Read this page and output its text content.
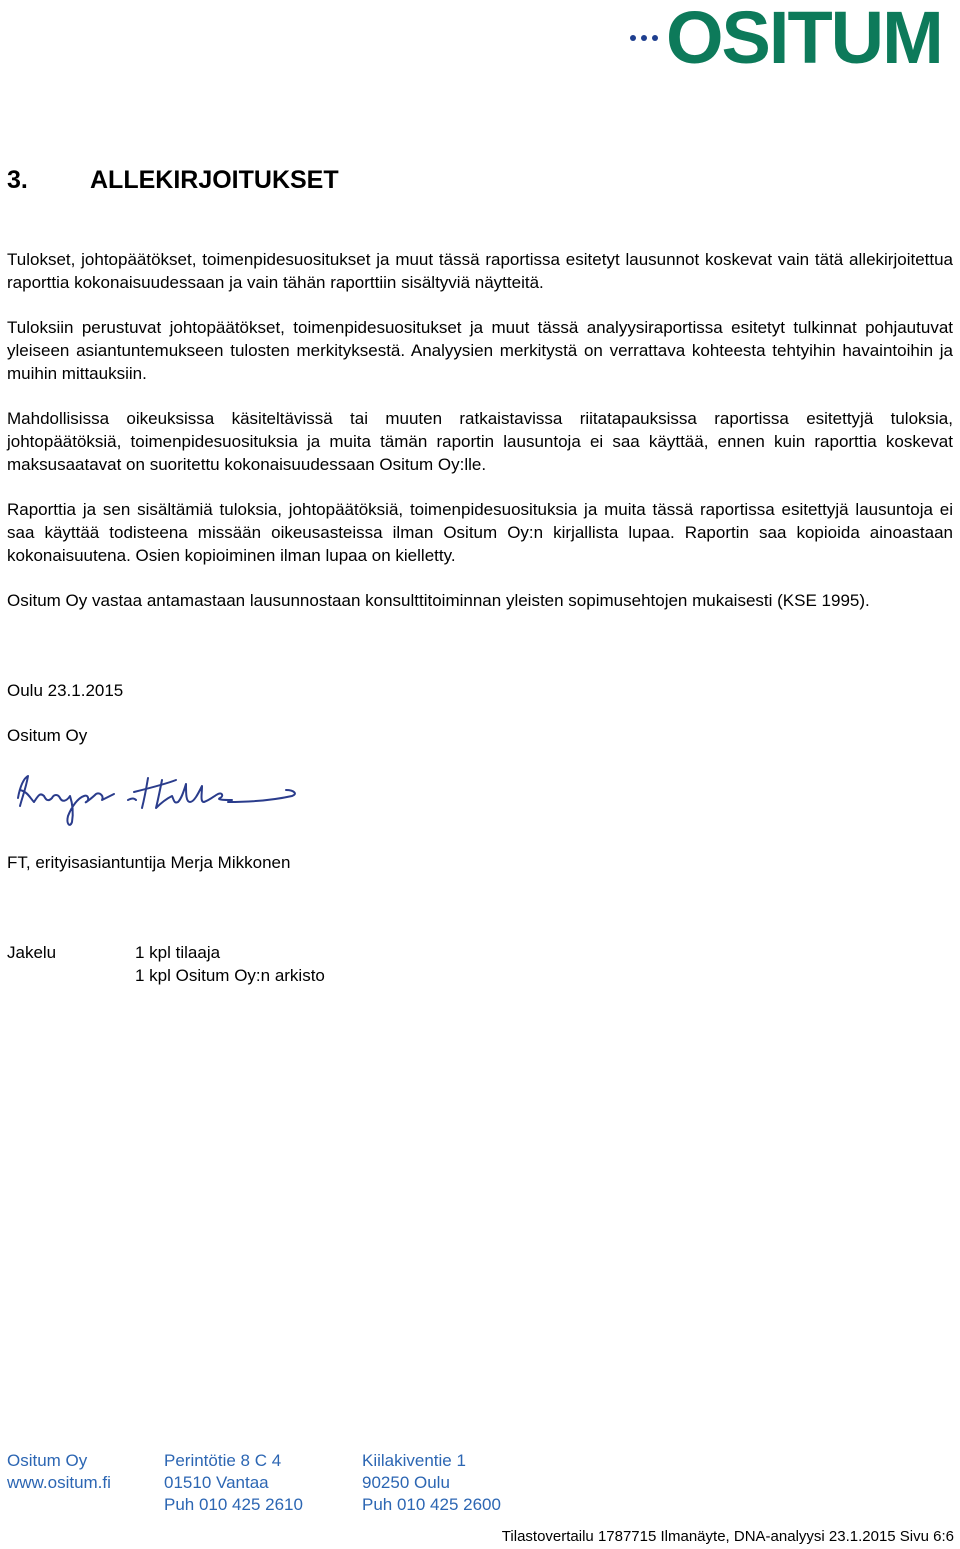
OSITUM
3.	ALLEKIRJOITUKSET

Tulokset, johtopäätökset, toimenpidesuositukset ja muut tässä raportissa esitetyt lausunnot koskevat vain tätä allekirjoitettua raporttia kokonaisuudessaan ja vain tähän raporttiin sisältyviä näytteitä.

Tuloksiin perustuvat johtopäätökset, toimenpidesuositukset ja muut tässä analyysiraportissa esitetyt tulkinnat pohjautuvat yleiseen asiantuntemukseen tulosten merkityksestä. Analyysien merkitystä on verrattava kohteesta tehtyihin havaintoihin ja muihin mittauksiin.

Mahdollisissa oikeuksissa käsiteltävissä tai muuten ratkaistavissa riitatapauksissa raportissa esitettyjä tuloksia, johtopäätöksiä, toimenpidesuosituksia ja muita tämän raportin lausuntoja ei saa käyttää, ennen kuin raporttia koskevat maksusaatavat on suoritettu kokonaisuudessaan Ositum Oy:lle.

Raporttia ja sen sisältämiä tuloksia, johtopäätöksiä, toimenpidesuosituksia ja muita tässä raportissa esitettyjä lausuntoja ei saa käyttää todisteena missään oikeusasteissa ilman Ositum Oy:n kirjallista lupaa. Raportin saa kopioida ainoastaan kokonaisuutena. Osien kopioiminen ilman lupaa on kielletty.

Ositum Oy vastaa antamastaan lausunnostaan konsulttitoiminnan yleisten sopimusehtojen mukaisesti (KSE 1995).

Oulu 23.1.2015
Ositum Oy
FT, erityisasiantuntija Merja Mikkonen
Jakelu	1 kpl tilaaja
1 kpl Ositum Oy:n arkisto
Ositum Oy
www.ositum.fi
Perintötie 8 C 4
01510 Vantaa
Puh 010 425 2610
Kiilakiventie 1
90250 Oulu
Puh 010 425 2600
Tilastovertailu 1787715 Ilmanäyte, DNA-analyysi 23.1.2015 Sivu 6:6
